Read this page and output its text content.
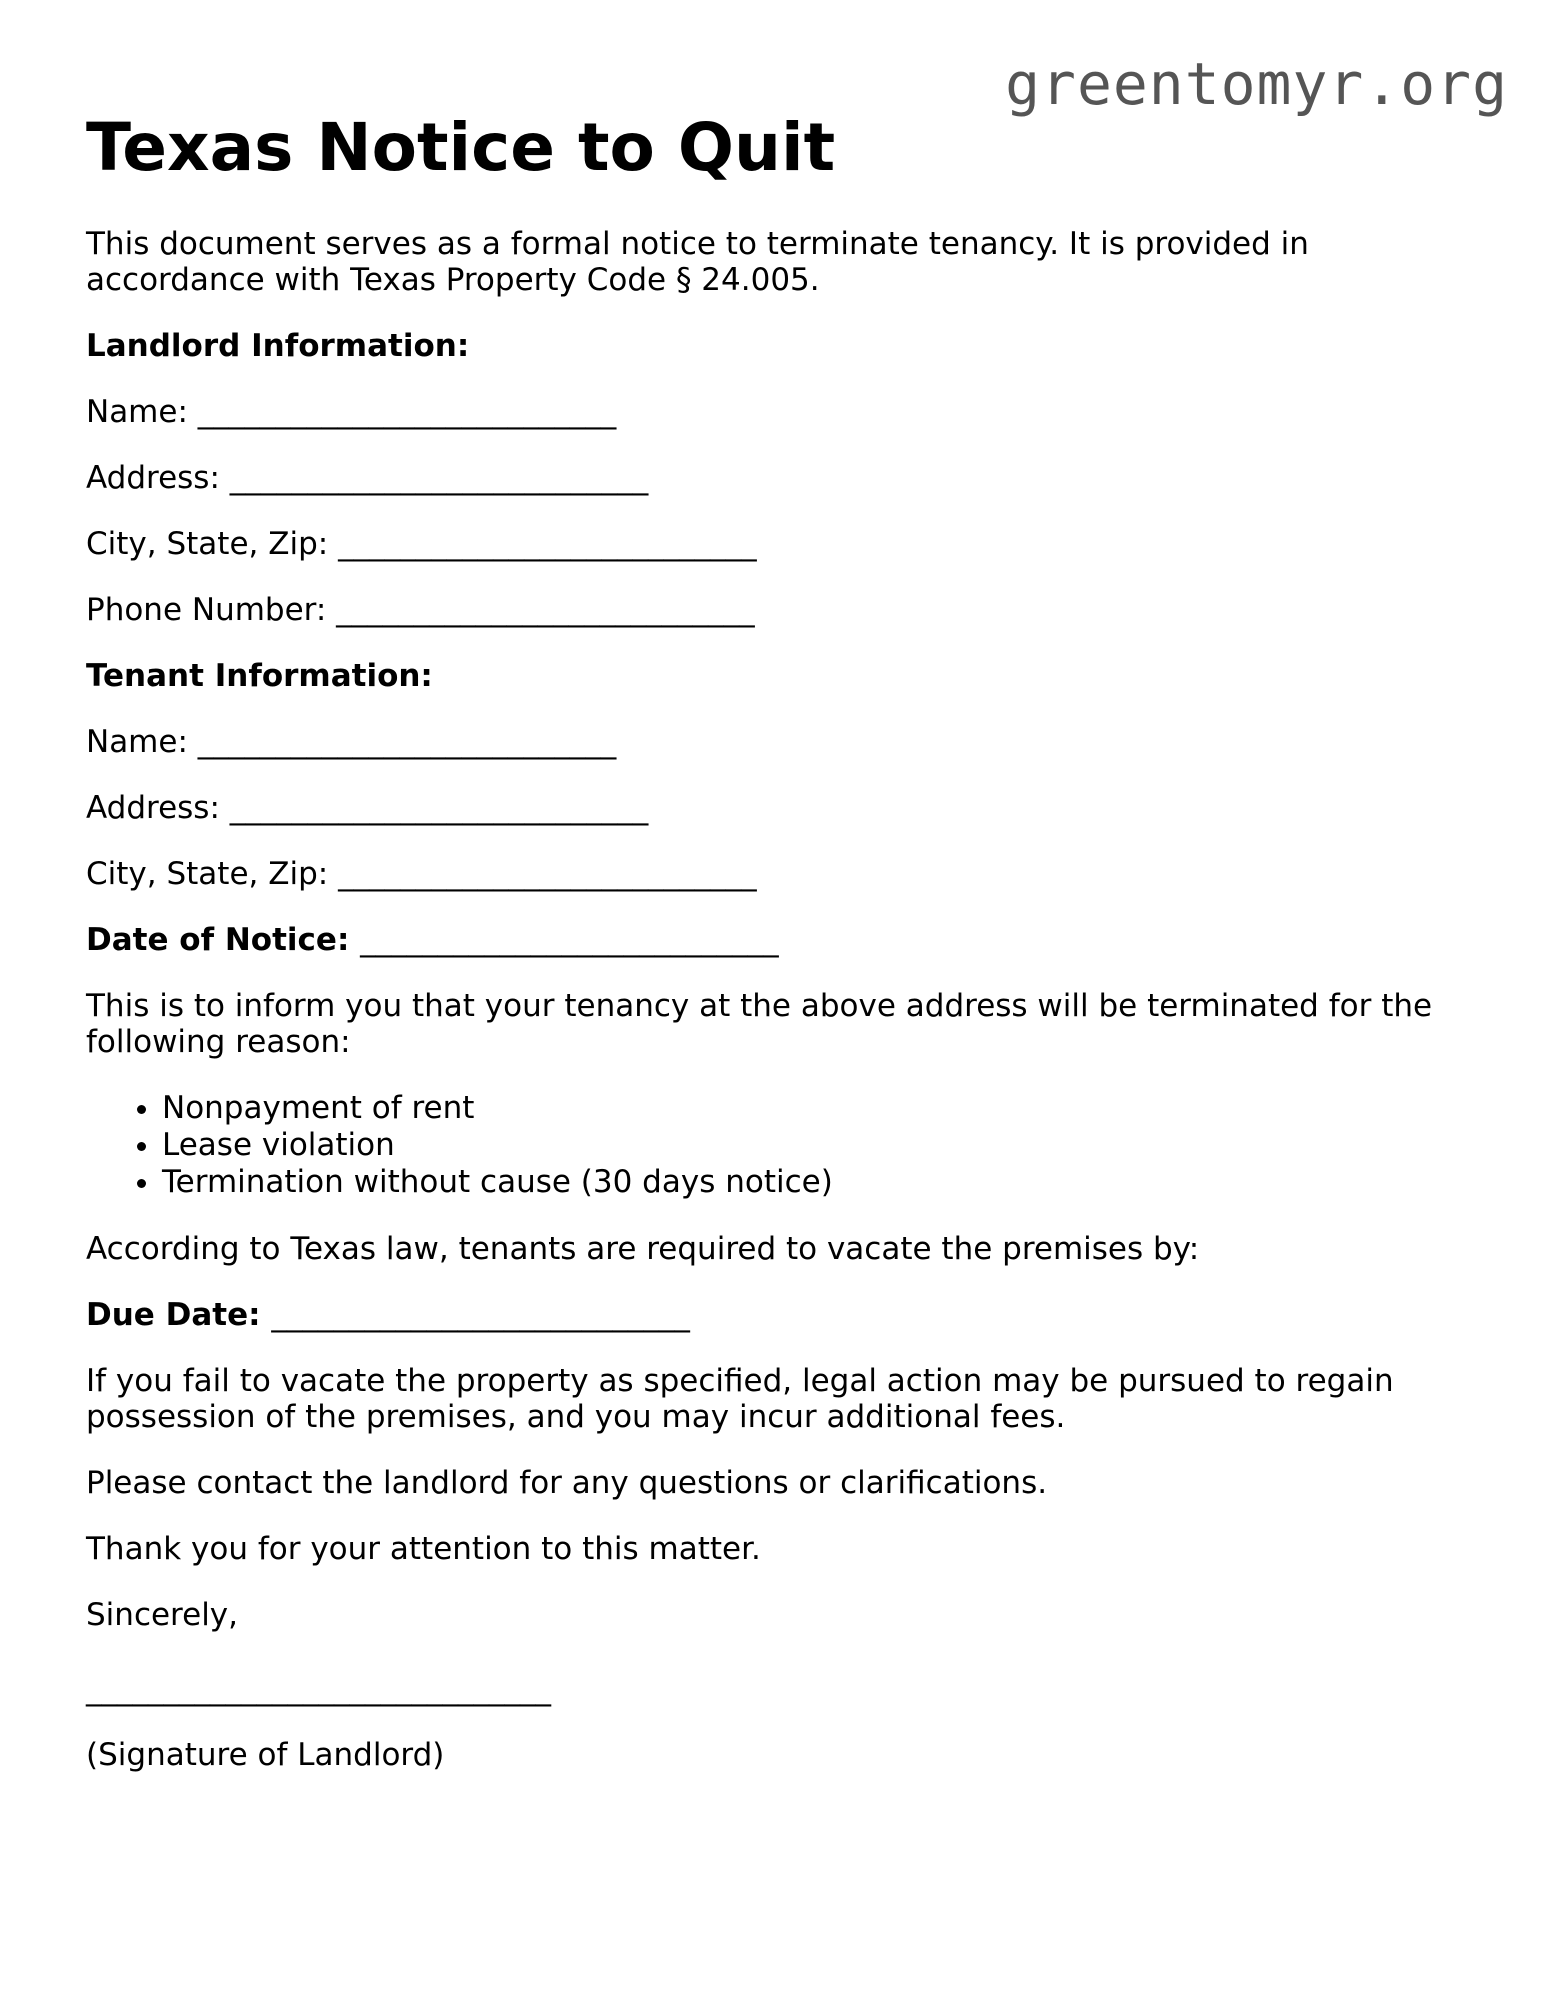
greentomyr.org
Texas Notice to Quit

This document serves as a formal notice to terminate tenancy. It is provided in accordance with Texas Property Code § 24.005.

Landlord Information:

Name: ___________________________

Address: ___________________________

City, State, Zip: ___________________________

Phone Number: ___________________________

Tenant Information:

Name: ___________________________

Address: ___________________________

City, State, Zip: ___________________________

Date of Notice: ___________________________

This is to inform you that your tenancy at the above address will be terminated for the following reason:

• Nonpayment of rent
• Lease violation
• Termination without cause (30 days notice)

According to Texas law, tenants are required to vacate the premises by:

Due Date: ___________________________

If you fail to vacate the property as specified, legal action may be pursued to regain possession of the premises, and you may incur additional fees.

Please contact the landlord for any questions or clarifications.

Thank you for your attention to this matter.

Sincerely,

______________________________

(Signature of Landlord)
